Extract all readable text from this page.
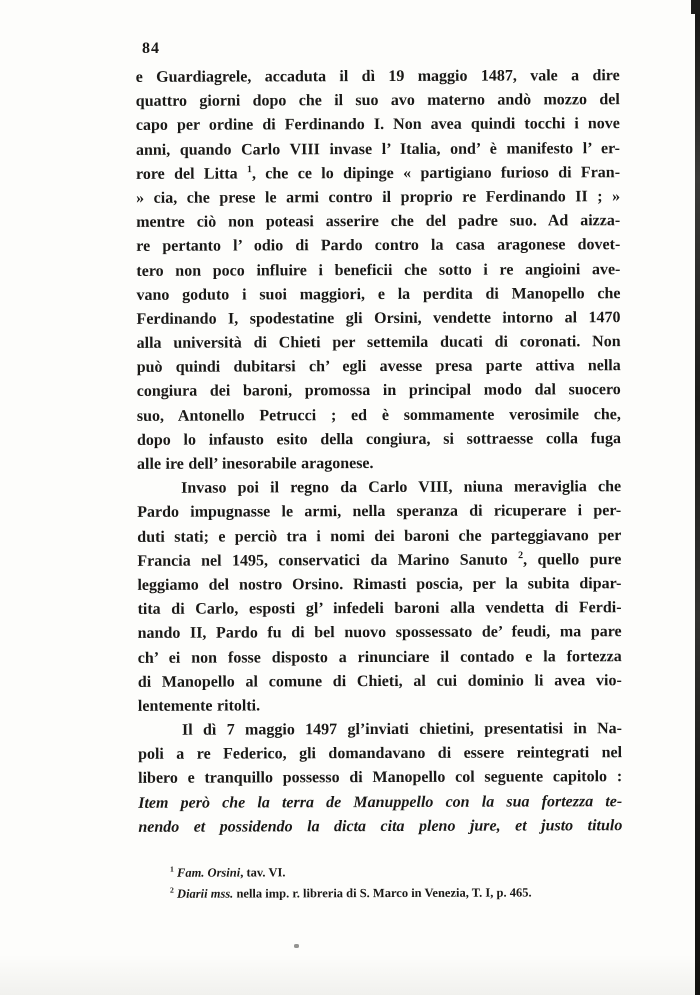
84
e Guardiagrele, accaduta il dì 19 maggio 1487, vale a dire
quattro giorni dopo che il suo avo materno andò mozzo del
capo per ordine di Ferdinando I. Non avea quindi tocchi i nove
anni, quando Carlo VIII invase l’ Italia, ond’ è manifesto l’ er-
rore del Litta $^1$, che ce lo dipinge « partigiano furioso di Fran-
» cia, che prese le armi contro il proprio re Ferdinando II ; »
mentre ciò non poteasi asserire che del padre suo. Ad aizza-
re pertanto l’ odio di Pardo contro la casa aragonese dovet-
tero non poco influire i beneficii che sotto i re angioini ave-
vano goduto i suoi maggiori, e la perdita di Manopello che
Ferdinando I, spodestatine gli Orsini, vendette intorno al 1470
alla università di Chieti per settemila ducati di coronati. Non
può quindi dubitarsi ch’ egli avesse presa parte attiva nella
congiura dei baroni, promossa in principal modo dal suocero
suo, Antonello Petrucci ; ed è sommamente verosimile che,
dopo lo infausto esito della congiura, si sottraesse colla fuga
alle ire dell’ inesorabile aragonese.
Invaso poi il regno da Carlo VIII, niuna meraviglia che
Pardo impugnasse le armi, nella speranza di ricuperare i per-
duti stati; e perciò tra i nomi dei baroni che parteggiavano per
Francia nel 1495, conservatici da Marino Sanuto $^2$, quello pure
leggiamo del nostro Orsino. Rimasti poscia, per la subita dipar-
tita di Carlo, esposti gl’ infedeli baroni alla vendetta di Ferdi-
nando II, Pardo fu di bel nuovo spossessato de’ feudi, ma pare
ch’ ei non fosse disposto a rinunciare il contado e la fortezza
di Manopello al comune di Chieti, al cui dominio li avea vio-
lentemente ritolti.
Il dì 7 maggio 1497 gl’inviati chietini, presentatisi in Na-
poli a re Federico, gli domandavano di essere reintegrati nel
libero e tranquillo possesso di Manopello col seguente capitolo :
Item però che la terra de Manuppello con la sua fortezza te-
nendo et possidendo la dicta cita pleno jure, et justo titulo
$^1$ Fam. Orsini, tav. VI.
$^2$ Diarii mss. nella imp. r. libreria di S. Marco in Venezia, T. I, p. 465.
